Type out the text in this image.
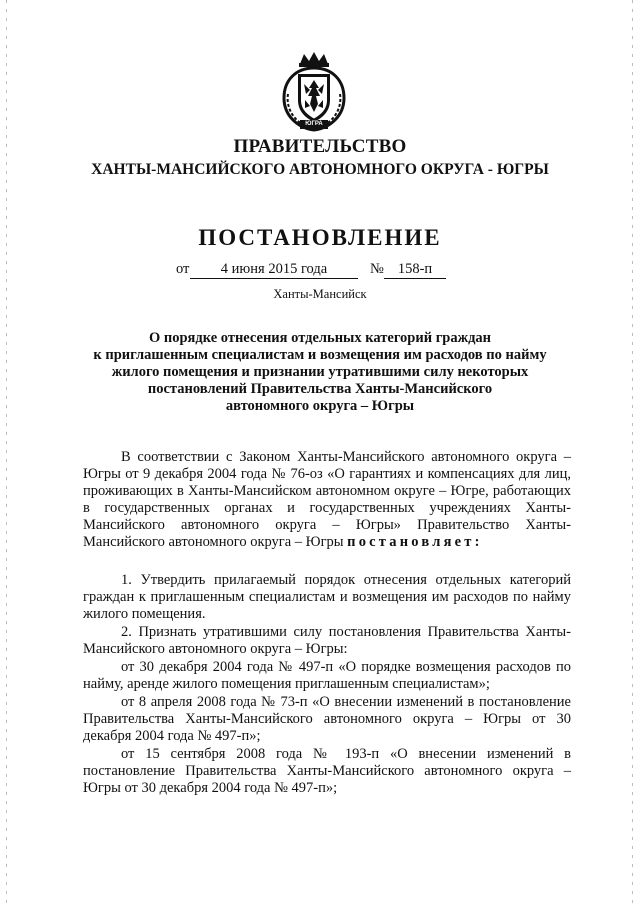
ЮГРА
ПРАВИТЕЛЬСТВО
ХАНТЫ-МАНСИЙСКОГО АВТОНОМНОГО ОКРУГА - ЮГРЫ
ПОСТАНОВЛЕНИЕ
от	4 июня 2015 года	№ 158-п
Ханты-Мансийск
О порядке отнесения отдельных категорий граждан
к приглашенным специалистам и возмещения им расходов по найму
жилого помещения и признании утратившими силу некоторых
постановлений Правительства Ханты-Мансийского
автономного округа – Югры

В соответствии с Законом Ханты-Мансийского автономного округа – Югры от 9 декабря 2004 года № 76-оз «О гарантиях и компенсациях для лиц, проживающих в Ханты-Мансийском автономном округе – Югре, работающих в государственных органах и государственных учреждениях Ханты-Мансийского автономного округа – Югры» Правительство Ханты-Мансийского автономного округа – Югры постановляет:

1. Утвердить прилагаемый порядок отнесения отдельных категорий граждан к приглашенным специалистам и возмещения им расходов по найму жилого помещения.

2. Признать утратившими силу постановления Правительства Ханты-Мансийского автономного округа – Югры:

от 30 декабря 2004 года № 497-п «О порядке возмещения расходов по найму, аренде жилого помещения приглашенным специалистам»;

от 8 апреля 2008 года № 73-п «О внесении изменений в постановление Правительства Ханты-Мансийского автономного округа – Югры от 30 декабря 2004 года № 497-п»;

от 15 сентября 2008 года № 193-п «О внесении изменений в постановление Правительства Ханты-Мансийского автономного округа – Югры от 30 декабря 2004 года № 497-п»;
